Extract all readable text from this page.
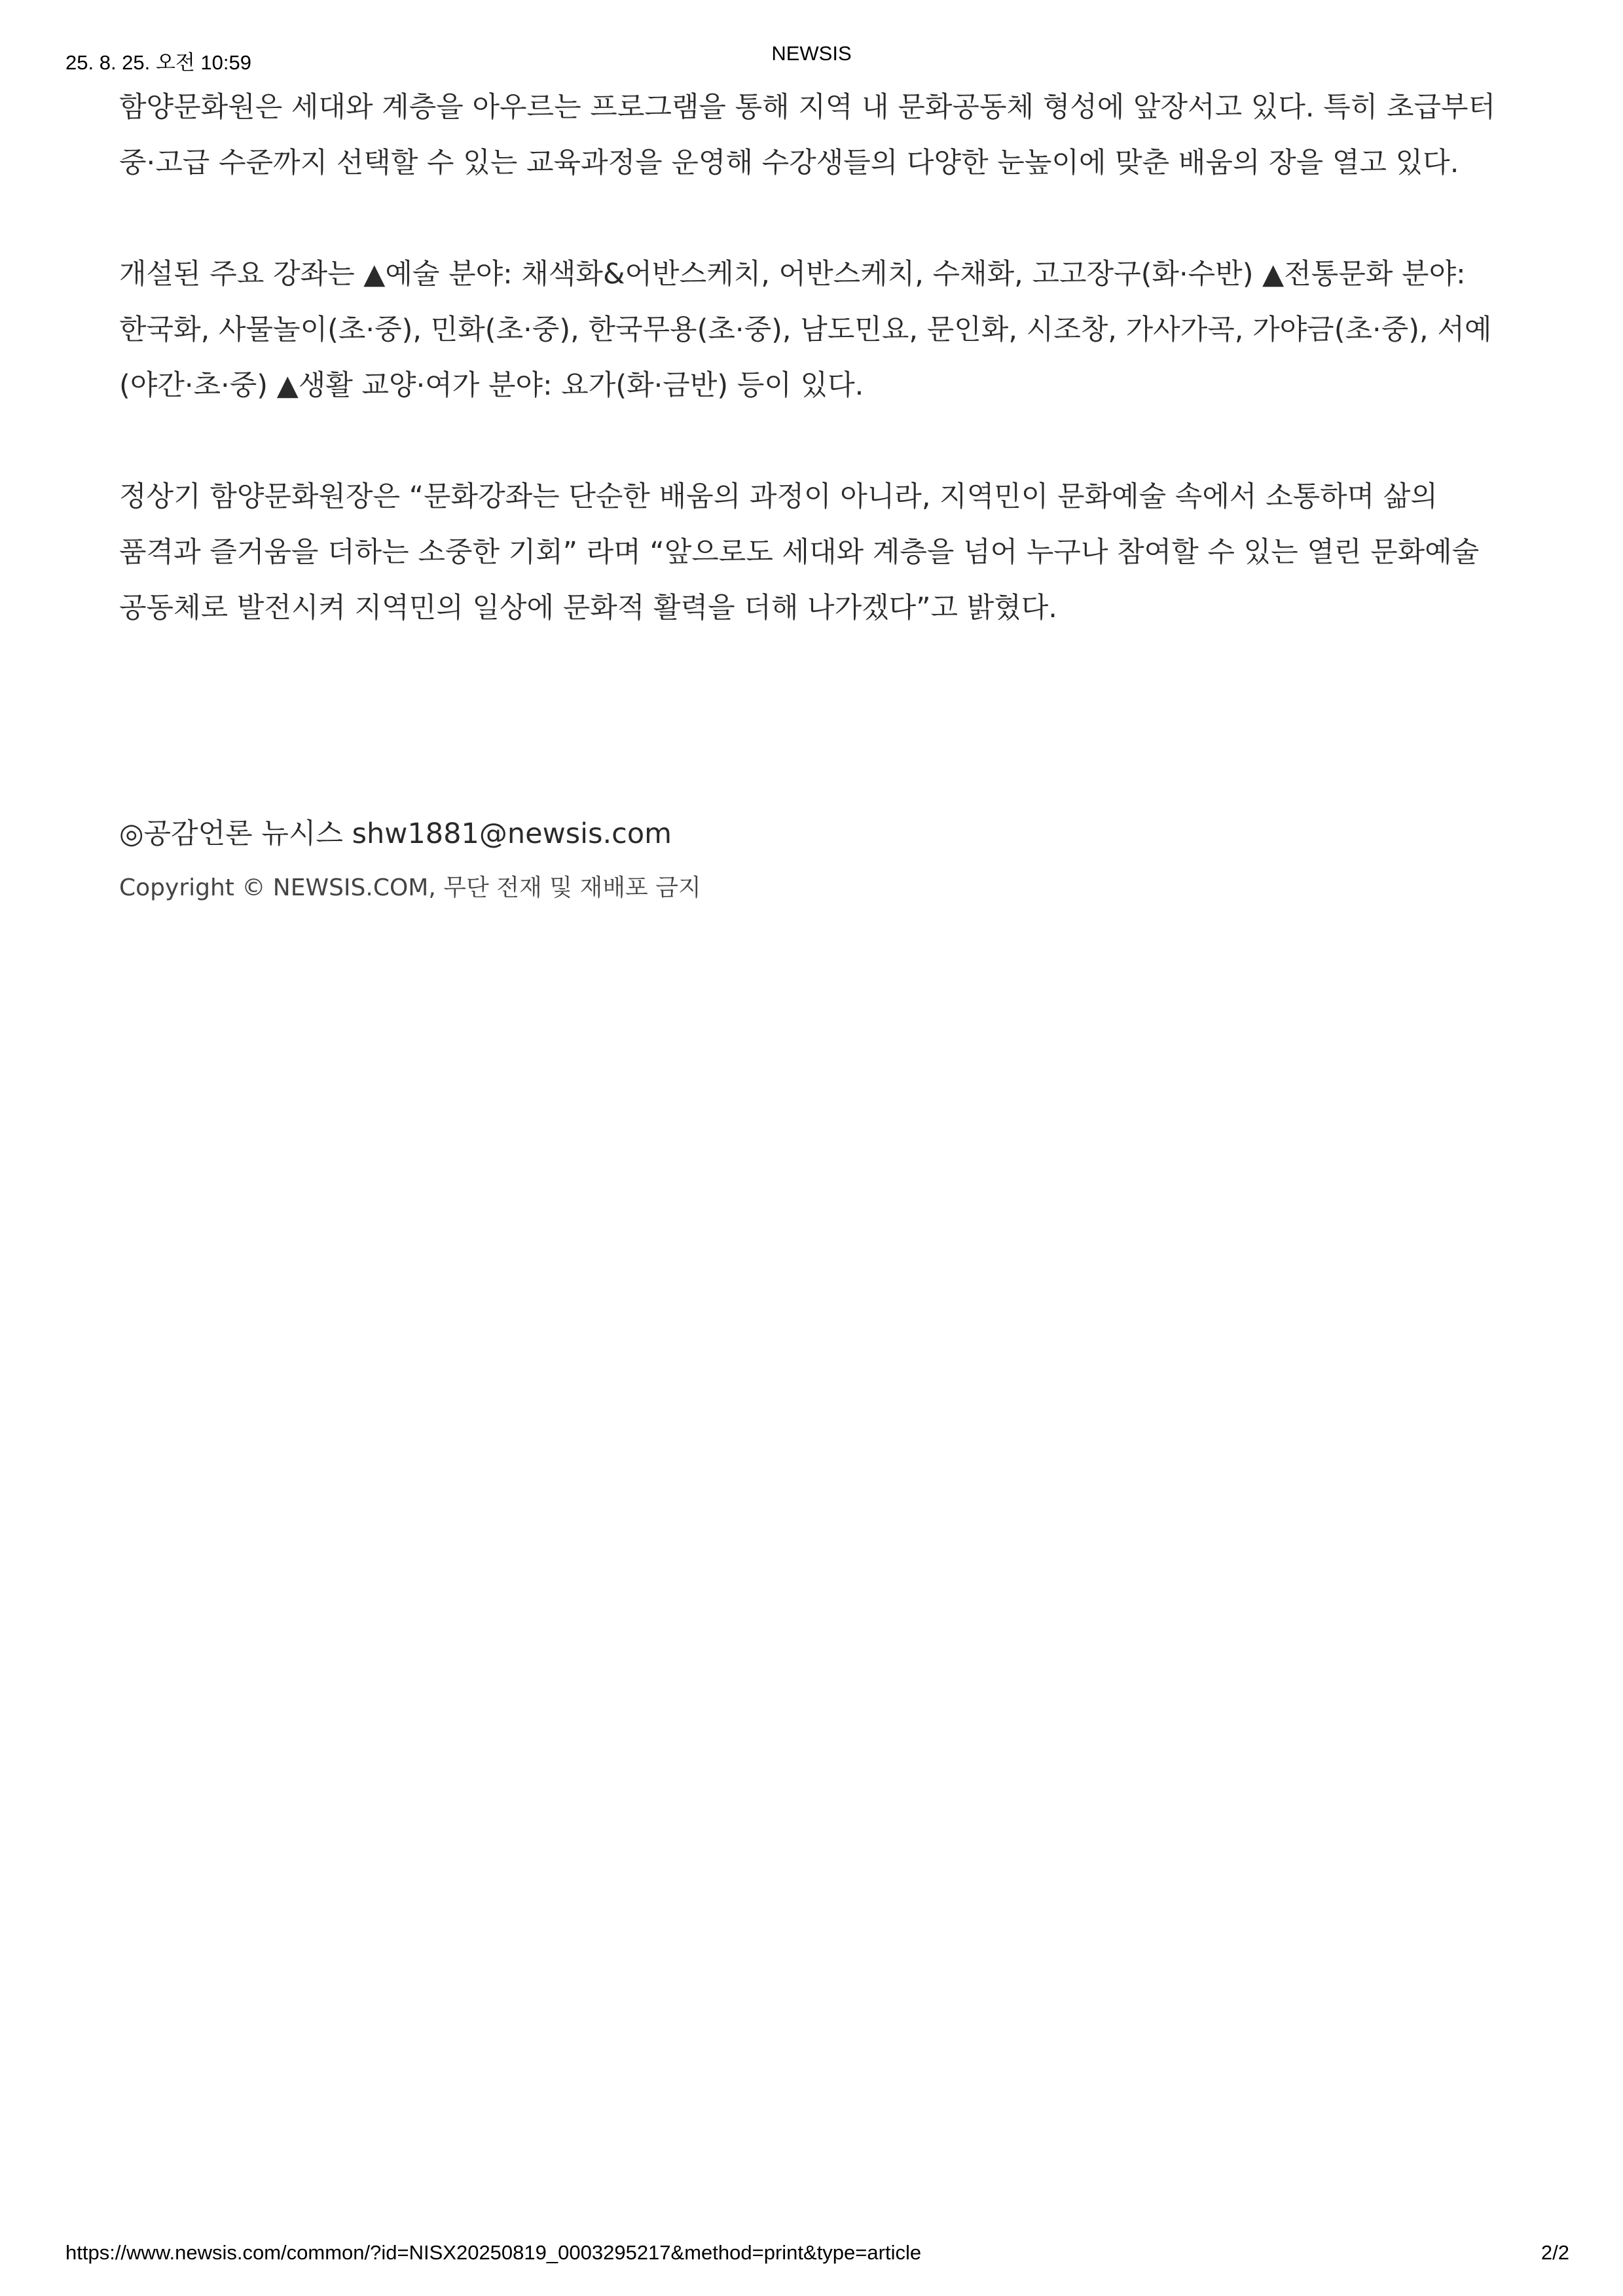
25. 8. 25. 오전 10:59	NEWSIS

함양문화원은 세대와 계층을 아우르는 프로그램을 통해 지역 내 문화공동체 형성에 앞장서고 있다. 특히 초급부터 중·고급 수준까지 선택할 수 있는 교육과정을 운영해 수강생들의 다양한 눈높이에 맞춘 배움의 장을 열고 있다.

개설된 주요 강좌는 ▲예술 분야: 채색화&어반스케치, 어반스케치, 수채화, 고고장구(화·수반) ▲전통문화 분야: 한국화, 사물놀이(초·중), 민화(초·중), 한국무용(초·중), 남도민요, 문인화, 시조창, 가사가곡, 가야금(초·중), 서예(야간·초·중) ▲생활 교양·여가 분야: 요가(화·금반) 등이 있다.

정상기 함양문화원장은 “문화강좌는 단순한 배움의 과정이 아니라, 지역민이 문화예술 속에서 소통하며 삶의 품격과 즐거움을 더하는 소중한 기회” 라며 “앞으로도 세대와 계층을 넘어 누구나 참여할 수 있는 열린 문화예술 공동체로 발전시켜 지역민의 일상에 문화적 활력을 더해 나가겠다”고 밝혔다.

◎공감언론 뉴시스 shw1881@newsis.com
Copyright © NEWSIS.COM, 무단 전재 및 재배포 금지
https://www.newsis.com/common/?id=NISX20250819_0003295217&method=print&type=article	2/2
